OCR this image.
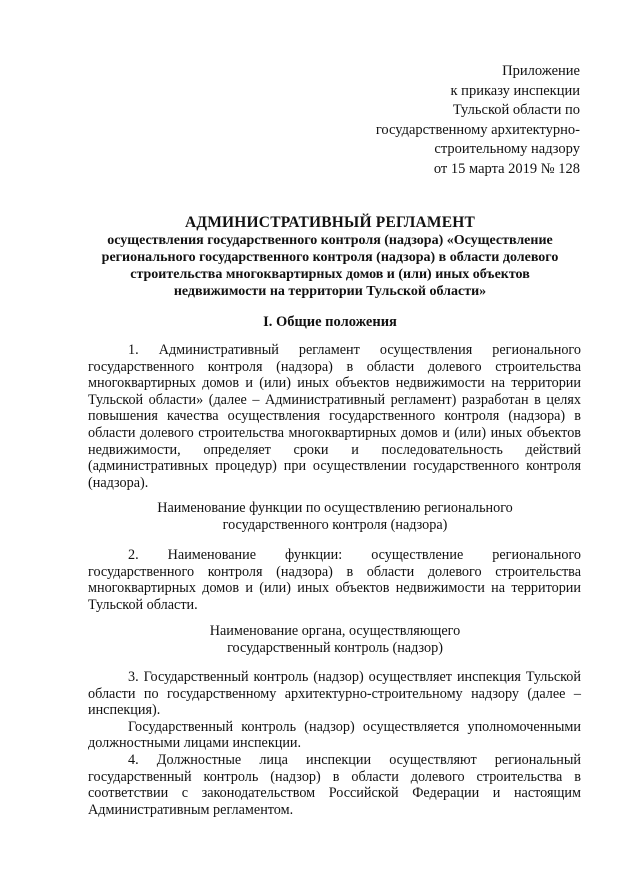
Приложение
к приказу инспекции
Тульской области по
государственному архитектурно-
строительному надзору
от 15 марта 2019 № 128
АДМИНИСТРАТИВНЫЙ РЕГЛАМЕНТ
осуществления государственного контроля (надзора) «Осуществление
регионального государственного контроля (надзора) в области долевого
строительства многоквартирных домов и (или) иных объектов
недвижимости на территории Тульской области»
I. Общие положения

1. Административный регламент осуществления регионального государственного контроля (надзора) в области долевого строительства многоквартирных домов и (или) иных объектов недвижимости на территории Тульской области» (далее – Административный регламент) разработан в целях повышения качества осуществления государственного контроля (надзора) в области долевого строительства многоквартирных домов и (или) иных объектов недвижимости, определяет сроки и последовательность действий (административных процедур) при осуществлении государственного контроля (надзора).

Наименование функции по осуществлению регионального
государственного контроля (надзора)

2. Наименование функции: осуществление регионального государственного контроля (надзора) в области долевого строительства многоквартирных домов и (или) иных объектов недвижимости на территории Тульской области.

Наименование органа, осуществляющего
государственный контроль (надзор)

3. Государственный контроль (надзор) осуществляет инспекция Тульской области по государственному архитектурно-строительному надзору (далее – инспекция).

Государственный контроль (надзор) осуществляется уполномоченными должностными лицами инспекции.

4. Должностные лица инспекции осуществляют региональный государственный контроль (надзор) в области долевого строительства в соответствии с законодательством Российской Федерации и настоящим Административным регламентом.
